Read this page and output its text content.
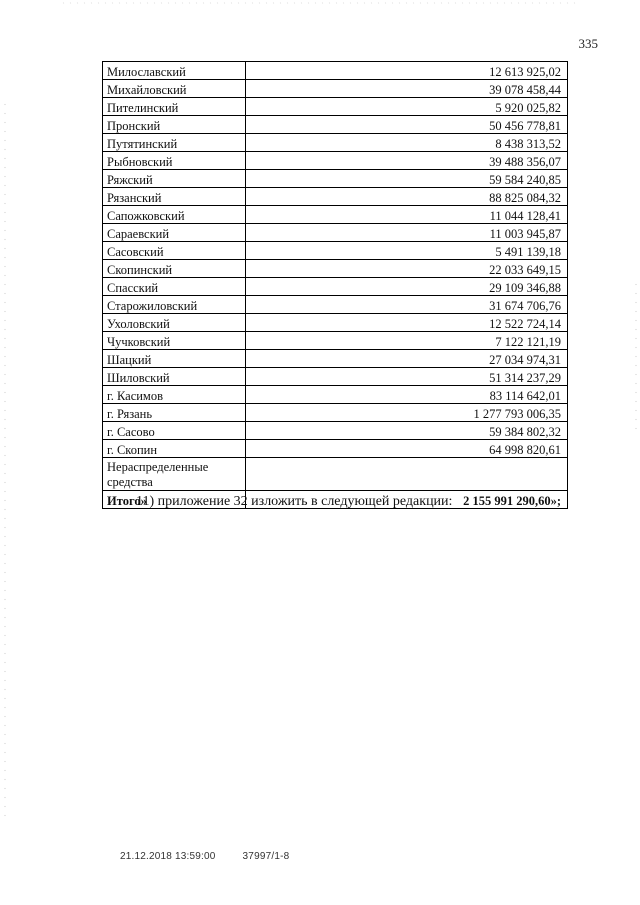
335
Милославский	12 613 925,02
Михайловский	39 078 458,44
Пителинский	5 920 025,82
Пронский	50 456 778,81
Путятинский	8 438 313,52
Рыбновский	39 488 356,07
Ряжский	59 584 240,85
Рязанский	88 825 084,32
Сапожковский	11 044 128,41
Сараевский	11 003 945,87
Сасовский	5 491 139,18
Скопинский	22 033 649,15
Спасский	29 109 346,88
Старожиловский	31 674 706,76
Ухоловский	12 522 724,14
Чучковский	7 122 121,19
Шацкий	27 034 974,31
Шиловский	51 314 237,29
г. Касимов	83 114 642,01
г. Рязань	1 277 793 006,35
г. Сасово	59 384 802,32
г. Скопин	64 998 820,61

Нераспределенные
средства	

Итого»	2 155 991 290,60»;
11) приложение 32 изложить в следующей редакции:
21.12.2018 13:59:00	37997/1-8
